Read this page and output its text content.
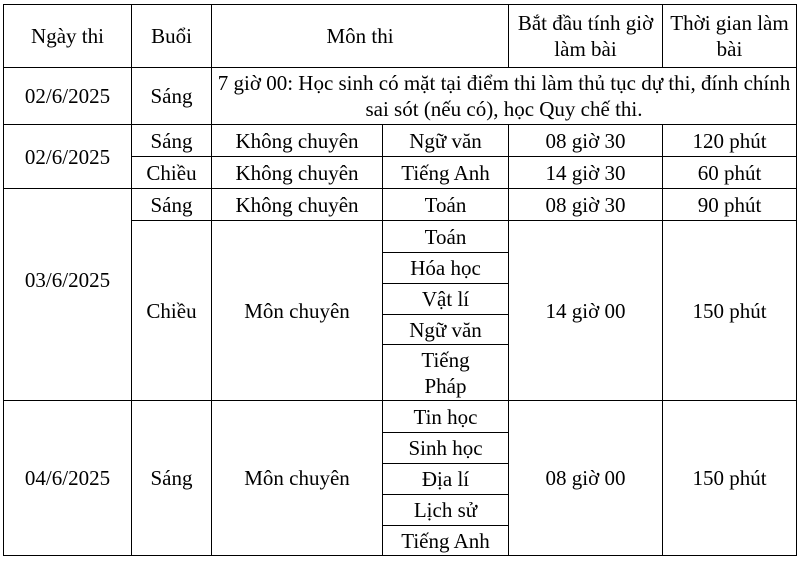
Ngày thi	Buổi	Môn thi		Bắt đầu tính giờ làm bài	Thời gian làm bài
02/6/2025	Sáng	7 giờ 00: Học sinh có mặt tại điểm thi làm thủ tục dự thi, đính chính sai sót (nếu có), học Quy chế thi.			
02/6/2025	Sáng	Không chuyên	Ngữ văn	08 giờ 30	120 phút
	Chiều	Không chuyên	Tiếng Anh	14 giờ 30	60 phút
03/6/2025	Sáng	Không chuyên	Toán	08 giờ 30	90 phút
	Chiều	Môn chuyên	Toán	14 giờ 00	150 phút
			Hóa học		
			Vật lí		
			Ngữ văn		
			Tiếng Pháp		

04/6/2025	Sáng	Môn chuyên	Tin học	08 giờ 00	150 phút
			Sinh học		
			Địa lí		
			Lịch sử		
			Tiếng Anh		
